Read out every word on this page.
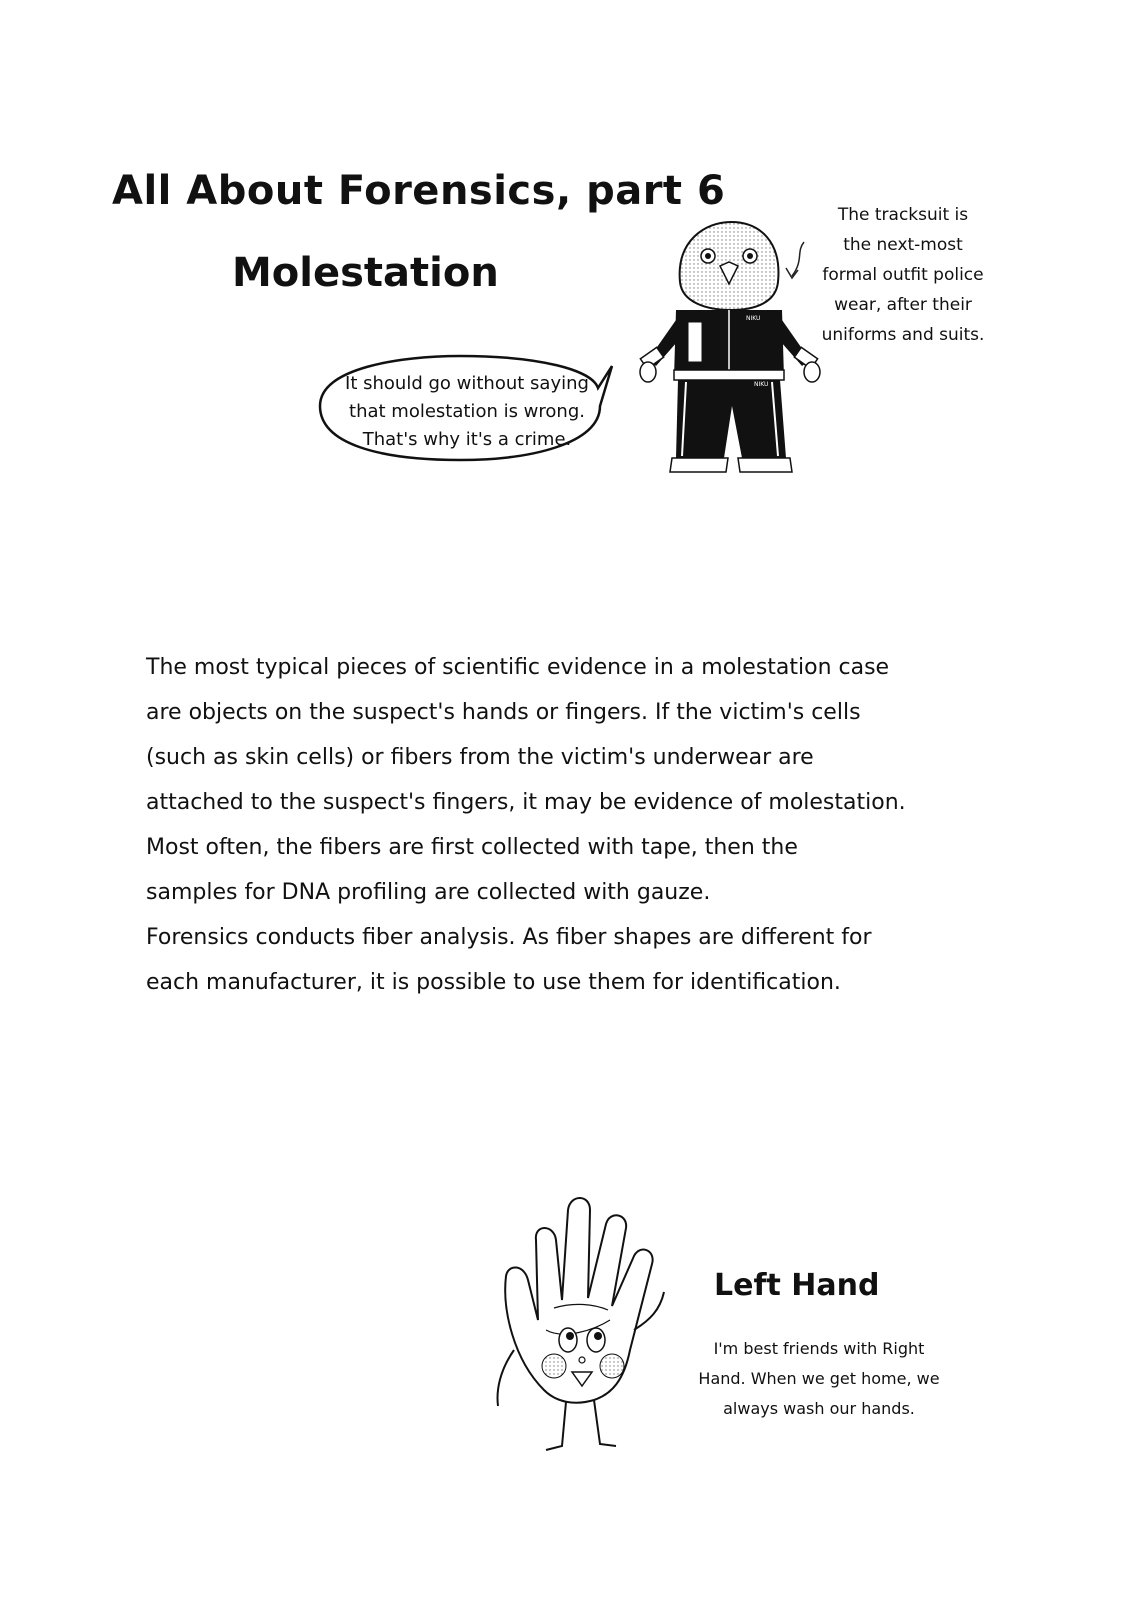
All About Forensics, part 6
Molestation
The tracksuit is
the next-most
formal outfit police
wear, after their
uniforms and suits.
It should go without saying
that molestation is wrong.
That's why it's a crime.
NIKU
NIKU
The most typical pieces of scientific evidence in a molestation case
are objects on the suspect's hands or fingers. If the victim's cells
(such as skin cells) or fibers from the victim's underwear are
attached to the suspect's fingers, it may be evidence of molestation.
Most often, the fibers are first collected with tape, then the
samples for DNA profiling are collected with gauze.
Forensics conducts fiber analysis. As fiber shapes are different for
each manufacturer, it is possible to use them for identification.
Left Hand
I'm best friends with Right
Hand. When we get home, we
always wash our hands.
